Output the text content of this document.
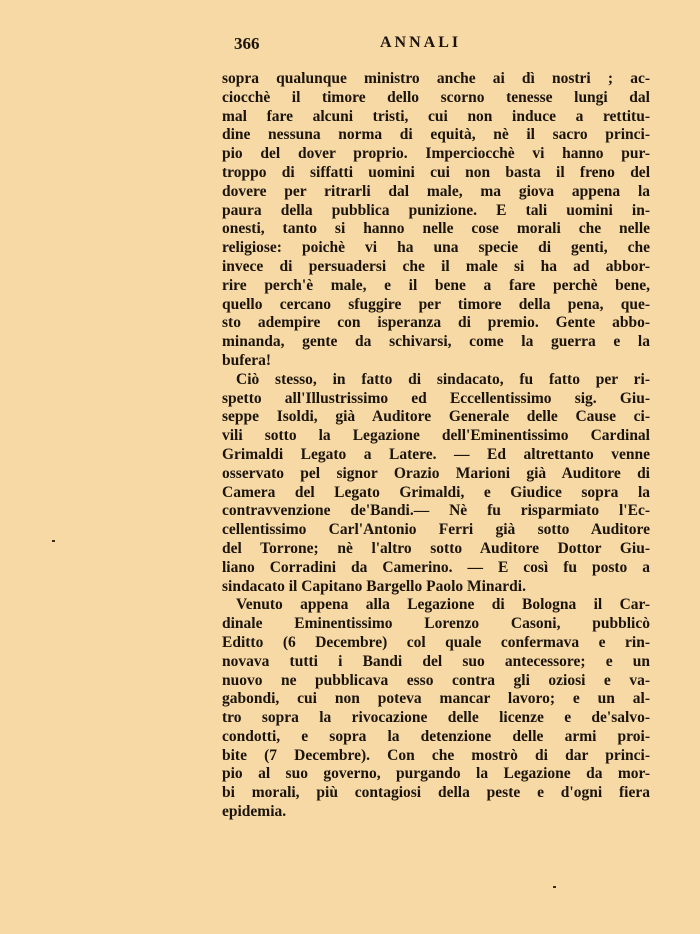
366	ANNALI
sopra qualunque ministro anche ai dì nostri ; ac-
ciocchè il timore dello scorno tenesse lungi dal
mal fare alcuni tristi, cui non induce a rettitu-
dine nessuna norma di equità, nè il sacro princi-
pio del dover proprio. Imperciocchè vi hanno pur-
troppo di siffatti uomini cui non basta il freno del
dovere per ritrarli dal male, ma giova appena la
paura della pubblica punizione. E tali uomini in-
onesti, tanto si hanno nelle cose morali che nelle
religiose: poichè vi ha una specie di genti, che
invece di persuadersi che il male si ha ad abbor-
rire perch'è male, e il bene a fare perchè bene,
quello cercano sfuggire per timore della pena, que-
sto adempire con isperanza di premio. Gente abbo-
minanda, gente da schivarsi, come la guerra e la
bufera!
Ciò stesso, in fatto di sindacato, fu fatto per ri-
spetto all'Illustrissimo ed Eccellentissimo sig. Giu-
seppe Isoldi, già Auditore Generale delle Cause ci-
vili sotto la Legazione dell'Eminentissimo Cardinal
Grimaldi Legato a Latere. — Ed altrettanto venne
osservato pel signor Orazio Marioni già Auditore di
Camera del Legato Grimaldi, e Giudice sopra la
contravvenzione de'Bandi.— Nè fu risparmiato l'Ec-
cellentissimo Carl'Antonio Ferri già sotto Auditore
del Torrone; nè l'altro sotto Auditore Dottor Giu-
liano Corradini da Camerino. — E così fu posto a
sindacato il Capitano Bargello Paolo Minardi.
Venuto appena alla Legazione di Bologna il Car-
dinale Eminentissimo Lorenzo Casoni, pubblicò
Editto (6 Decembre) col quale confermava e rin-
novava tutti i Bandi del suo antecessore; e un
nuovo ne pubblicava esso contra gli oziosi e va-
gabondi, cui non poteva mancar lavoro; e un al-
tro sopra la rivocazione delle licenze e de'salvo-
condotti, e sopra la detenzione delle armi proi-
bite (7 Decembre). Con che mostrò di dar princi-
pio al suo governo, purgando la Legazione da mor-
bi morali, più contagiosi della peste e d'ogni fiera
epidemia.
